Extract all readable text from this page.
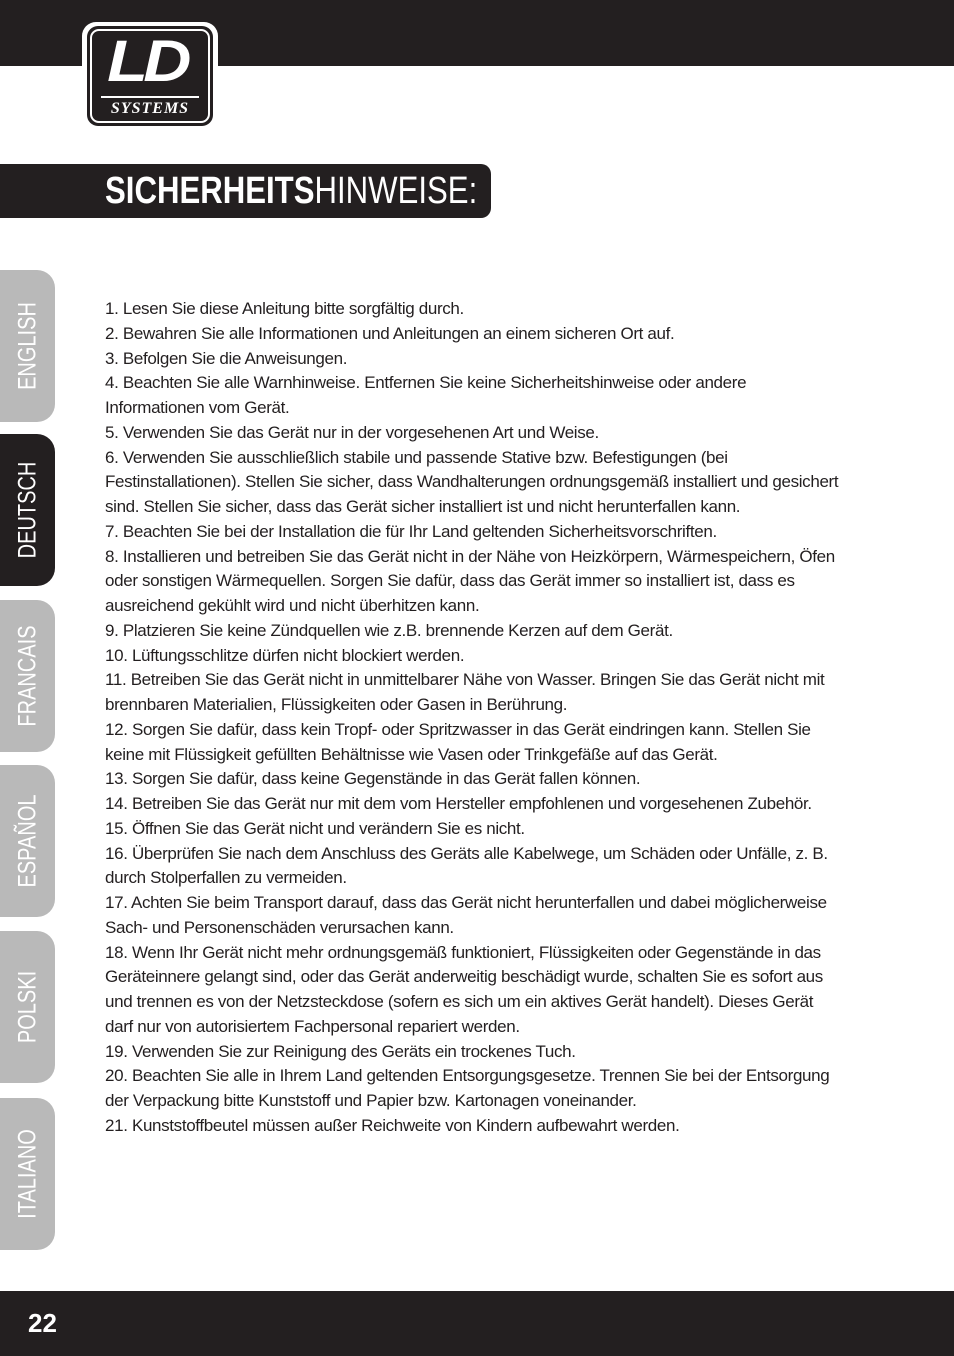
LD
SYSTEMS
SICHERHEITSHINWEISE:
ENGLISH
DEUTSCH
FRANCAIS
ESPAÑOL
POLSKI
ITALIANO

1. Lesen Sie diese Anleitung bitte sorgfältig durch.

2. Bewahren Sie alle Informationen und Anleitungen an einem sicheren Ort auf.

3. Befolgen Sie die Anweisungen.

4. Beachten Sie alle Warnhinweise. Entfernen Sie keine Sicherheitshinweise oder andere Informationen vom Gerät.

5. Verwenden Sie das Gerät nur in der vorgesehenen Art und Weise.

6. Verwenden Sie ausschließlich stabile und passende Stative bzw. Befestigungen (bei Festinstallationen). Stellen Sie sicher, dass Wandhalterungen ordnungsgemäß installiert und gesichert sind. Stellen Sie sicher, dass das Gerät sicher installiert ist und nicht herunterfallen kann.

7. Beachten Sie bei der Installation die für Ihr Land geltenden Sicherheitsvorschriften.

8. Installieren und betreiben Sie das Gerät nicht in der Nähe von Heizkörpern, Wärmespeichern, Öfen oder sonstigen Wärmequellen. Sorgen Sie dafür, dass das Gerät immer so installiert ist, dass es ausreichend gekühlt wird und nicht überhitzen kann.

9. Platzieren Sie keine Zündquellen wie z.B. brennende Kerzen auf dem Gerät.

10. Lüftungsschlitze dürfen nicht blockiert werden.

11. Betreiben Sie das Gerät nicht in unmittelbarer Nähe von Wasser. Bringen Sie das Gerät nicht mit brennbaren Materialien, Flüssigkeiten oder Gasen in Berührung.

12. Sorgen Sie dafür, dass kein Tropf- oder Spritzwasser in das Gerät eindringen kann. Stellen Sie keine mit Flüssigkeit gefüllten Behältnisse wie Vasen oder Trinkgefäße auf das Gerät.

13. Sorgen Sie dafür, dass keine Gegenstände in das Gerät fallen können.

14. Betreiben Sie das Gerät nur mit dem vom Hersteller empfohlenen und vorgesehenen Zubehör.

15. Öffnen Sie das Gerät nicht und verändern Sie es nicht.

16. Überprüfen Sie nach dem Anschluss des Geräts alle Kabelwege, um Schäden oder Unfälle, z. B. durch Stolperfallen zu vermeiden.

17. Achten Sie beim Transport darauf, dass das Gerät nicht herunterfallen und dabei möglicherweise Sach- und Personenschäden verursachen kann.

18. Wenn Ihr Gerät nicht mehr ordnungsgemäß funktioniert, Flüssigkeiten oder Gegenstände in das Geräteinnere gelangt sind, oder das Gerät anderweitig beschädigt wurde, schalten Sie es sofort aus und trennen es von der Netzsteckdose (sofern es sich um ein aktives Gerät handelt). Dieses Gerät darf nur von autorisiertem Fachpersonal repariert werden.

19. Verwenden Sie zur Reinigung des Geräts ein trockenes Tuch.

20. Beachten Sie alle in Ihrem Land geltenden Entsorgungsgesetze. Trennen Sie bei der Entsorgung der Verpackung bitte Kunststoff und Papier bzw. Kartonagen voneinander.

21. Kunststoffbeutel müssen außer Reichweite von Kindern aufbewahrt werden.

22
